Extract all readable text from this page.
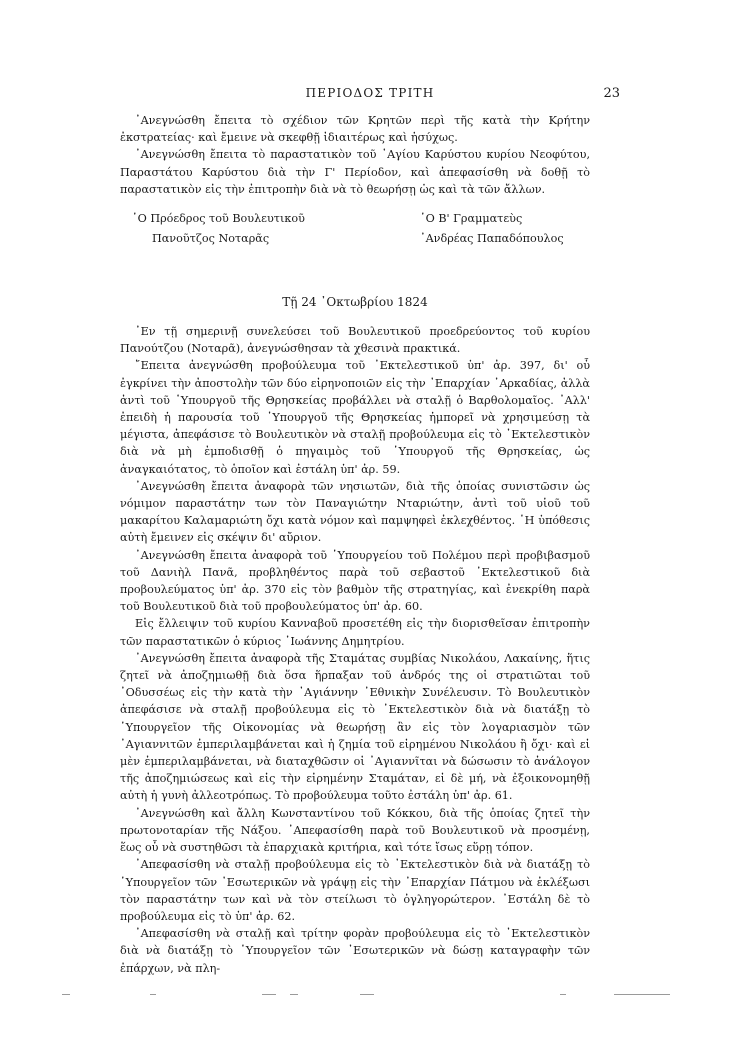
ΠΕΡΙΟΔΟΣ ΤΡΙΤΗ	23

᾿Ανεγνώσθη ἔπειτα τὸ σχέδιον τῶν Κρητῶν περὶ τῆς κατὰ τὴν Κρήτην ἐκστρατείας· καὶ ἔμεινε νὰ σκεφθῇ ἰδιαιτέρως καὶ ἡσύχως.

᾿Ανεγνώσθη ἔπειτα τὸ παραστατικὸν τοῦ ῾Αγίου Καρύστου κυρίου Νεοφύτου, Παραστάτου Καρύστου διὰ τὴν Γ' Περίοδον, καὶ ἀπεφασίσθη νὰ δοθῇ τὸ παραστατικὸν εἰς τὴν ἐπιτροπὴν διὰ νὰ τὸ θεωρήσῃ ὡς καὶ τὰ τῶν ἄλλων.

῾Ο Πρόεδρος τοῦ Βουλευτικοῦ
Πανοῦτζος Νοταρᾶς
῾Ο Β' Γραμματεὺς
᾿Ανδρέας Παπαδόπουλος
Τῇ 24 ᾿Οκτωβρίου 1824

᾿Εν τῇ σημερινῇ συνελεύσει τοῦ Βουλευτικοῦ προεδρεύοντος τοῦ κυρίου Πανούτζου (Νοταρᾶ), ἀνεγνώσθησαν τὰ χθεσινὰ πρακτικά.

῎Επειτα ἀνεγνώσθη προβούλευμα τοῦ ᾿Εκτελεστικοῦ ὑπ' ἀρ. 397, δι' οὗ ἐγκρίνει τὴν ἀποστολὴν τῶν δύο εἰρηνοποιῶν εἰς τὴν ᾿Επαρχίαν ᾿Αρκαδίας, ἀλλὰ ἀντὶ τοῦ ῾Υπουργοῦ τῆς Θρησκείας προβάλλει νὰ σταλῇ ὁ Βαρθολομαῖος. ᾿Αλλ' ἐπειδὴ ἡ παρουσία τοῦ ῾Υπουργοῦ τῆς Θρησκείας ἠμπορεῖ νὰ χρησιμεύσῃ τὰ μέγιστα, ἀπεφάσισε τὸ Βουλευτικὸν νὰ σταλῇ προβούλευμα εἰς τὸ ᾿Εκτελεστικὸν διὰ νὰ μὴ ἐμποδισθῇ ὁ πηγαιμὸς τοῦ ῾Υπουργοῦ τῆς Θρησκείας, ὡς ἀναγκαιότατος, τὸ ὁποῖον καὶ ἐστάλη ὑπ' ἀρ. 59.

᾿Ανεγνώσθη ἔπειτα ἀναφορὰ τῶν νησιωτῶν, διὰ τῆς ὁποίας συνιστῶσιν ὡς νόμιμον παραστάτην των τὸν Παναγιώτην Νταριώτην, ἀντὶ τοῦ υἱοῦ τοῦ μακαρίτου Καλαμαριώτη ὄχι κατὰ νόμον καὶ παμψηφεὶ ἐκλεχθέντος. ῾Η ὑπόθεσις αὐτὴ ἔμεινεν εἰς σκέψιν δι' αὔριον.

᾿Ανεγνώσθη ἔπειτα ἀναφορὰ τοῦ ῾Υπουργείου τοῦ Πολέμου περὶ προβιβασμοῦ τοῦ Δανιὴλ Πανᾶ, προβληθέντος παρὰ τοῦ σεβαστοῦ ᾿Εκτελεστικοῦ διὰ προβουλεύματος ὑπ' ἀρ. 370 εἰς τὸν βαθμὸν τῆς στρατηγίας, καὶ ἐνεκρίθη παρὰ τοῦ Βουλευτικοῦ διὰ τοῦ προβουλεύματος ὑπ' ἀρ. 60.

Εἰς ἔλλειψιν τοῦ κυρίου Κανναβοῦ προσετέθη εἰς τὴν διορισθεῖσαν ἐπιτροπὴν τῶν παραστατικῶν ὁ κύριος ᾿Ιωάννης Δημητρίου.

᾿Ανεγνώσθη ἔπειτα ἀναφορὰ τῆς Σταμάτας συμβίας Νικολάου, Λακαίνης, ἥτις ζητεῖ νὰ ἀποζημιωθῇ διὰ ὅσα ἥρπαξαν τοῦ ἀνδρός της οἱ στρατιῶται τοῦ ᾿Οδυσσέως εἰς τὴν κατὰ τὴν ᾿Αγιάννην ᾿Εθνικὴν Συνέλευσιν. Τὸ Βουλευτικὸν ἀπεφάσισε νὰ σταλῇ προβούλευμα εἰς τὸ ᾿Εκτελεστικὸν διὰ νὰ διατάξῃ τὸ ῾Υπουργεῖον τῆς Οἰκονομίας νὰ θεωρήσῃ ἂν εἰς τὸν λογαριασμὸν τῶν ᾿Αγιαννιτῶν ἐμπεριλαμβάνεται καὶ ἡ ζημία τοῦ εἰρημένου Νικολάου ἢ ὄχι· καὶ εἰ μὲν ἐμπεριλαμβάνεται, νὰ διαταχθῶσιν οἱ ᾿Αγιαννῖται νὰ δώσωσιν τὸ ἀνάλογον τῆς ἀποζημιώσεως καὶ εἰς τὴν εἰρημένην Σταμάταν, εἰ δὲ μή, νὰ ἐξοικονομηθῇ αὐτὴ ἡ γυνὴ ἀλλεοτρόπως. Τὸ προβούλευμα τοῦτο ἐστάλη ὑπ' ἀρ. 61.

᾿Ανεγνώσθη καὶ ἄλλη Κωνσταντίνου τοῦ Κόκκου, διὰ τῆς ὁποίας ζητεῖ τὴν πρωτονοταρίαν τῆς Νάξου. ᾿Απεφασίσθη παρὰ τοῦ Βουλευτικοῦ νὰ προσμένῃ, ἕως οὗ νὰ συστηθῶσι τὰ ἐπαρχιακὰ κριτήρια, καὶ τότε ἴσως εὕρῃ τόπον.

᾿Απεφασίσθη νὰ σταλῇ προβούλευμα εἰς τὸ ᾿Εκτελεστικὸν διὰ νὰ διατάξῃ τὸ ῾Υπουργεῖον τῶν ᾿Εσωτερικῶν νὰ γράψῃ εἰς τὴν ᾿Επαρχίαν Πάτμου νὰ ἐκλέξωσι τὸν παραστάτην των καὶ νὰ τὸν στείλωσι τὸ ὀγληγορώτερον. ᾿Εστάλη δὲ τὸ προβούλευμα εἰς τὸ ὑπ' ἀρ. 62.

᾿Απεφασίσθη νὰ σταλῇ καὶ τρίτην φορὰν προβούλευμα εἰς τὸ ᾿Εκτελεστικὸν διὰ νὰ διατάξῃ τὸ ῾Υπουργεῖον τῶν ᾿Εσωτερικῶν νὰ δώσῃ καταγραφὴν τῶν ἐπάρχων, νὰ πλη-
